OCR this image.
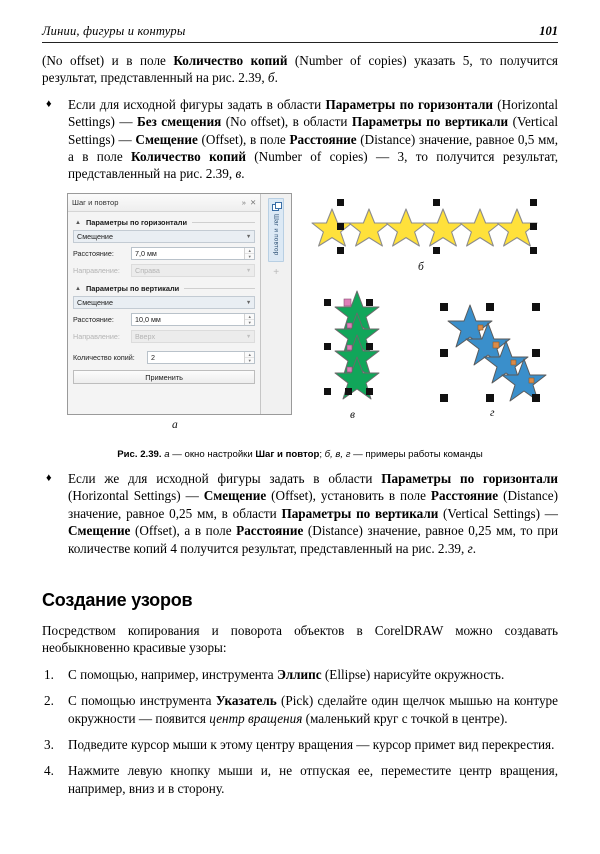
Линии, фигуры и контуры	101

(No offset) и в поле Количество копий (Number of copies) указать 5, то получится результат, представленный на рис. 2.39, б.

♦ Если для исходной фигуры задать в области Параметры по горизонтали (Horizontal Settings) — Без смещения (No offset), в области Параметры по вертикали (Vertical Settings) — Смещение (Offset), в поле Расстояние (Distance) значение, равное 0,5 мм, а в поле Количество копий (Number of copies) — 3, то получится результат, представленный на рис. 2.39, в.
Шаг и повтор	» ✕
▲ Параметры по горизонтали
Смещение	▼
Расстояние:	7,0 мм	▲
▼
Направление:	Справа	▼
▲ Параметры по вертикали
Смещение	▼
Расстояние:	10,0 мм	▲
▼
Направление:	Вверх	▼
Количество копий:	2	▲
▼
Применить
Шаг и повтор
+	б
в	г
а
Рис. 2.39. а — окно настройки Шаг и повтор; б, в, г — примеры работы команды
♦ Если же для исходной фигуры задать в области Параметры по горизонтали (Horizontal Settings) — Смещение (Offset), установить в поле Расстояние (Distance) значение, равное 0,25 мм, в области Параметры по вертикали (Vertical Settings) — Смещение (Offset), а в поле Расстояние (Distance) значение, равное 0,25 мм, то при количестве копий 4 получится результат, представленный на рис. 2.39, г.
Создание узоров

Посредством копирования и поворота объектов в CorelDRAW можно создавать необыкновенно красивые узоры:

1. С помощью, например, инструмента Эллипс (Ellipse) нарисуйте окружность.
2. С помощью инструмента Указатель (Pick) сделайте один щелчок мышью на контуре окружности — появится центр вращения (маленький круг с точкой в центре).
3. Подведите курсор мыши к этому центру вращения — курсор примет вид перекрестия.
4. Нажмите левую кнопку мыши и, не отпуская ее, переместите центр вращения, например, вниз и в сторону.
